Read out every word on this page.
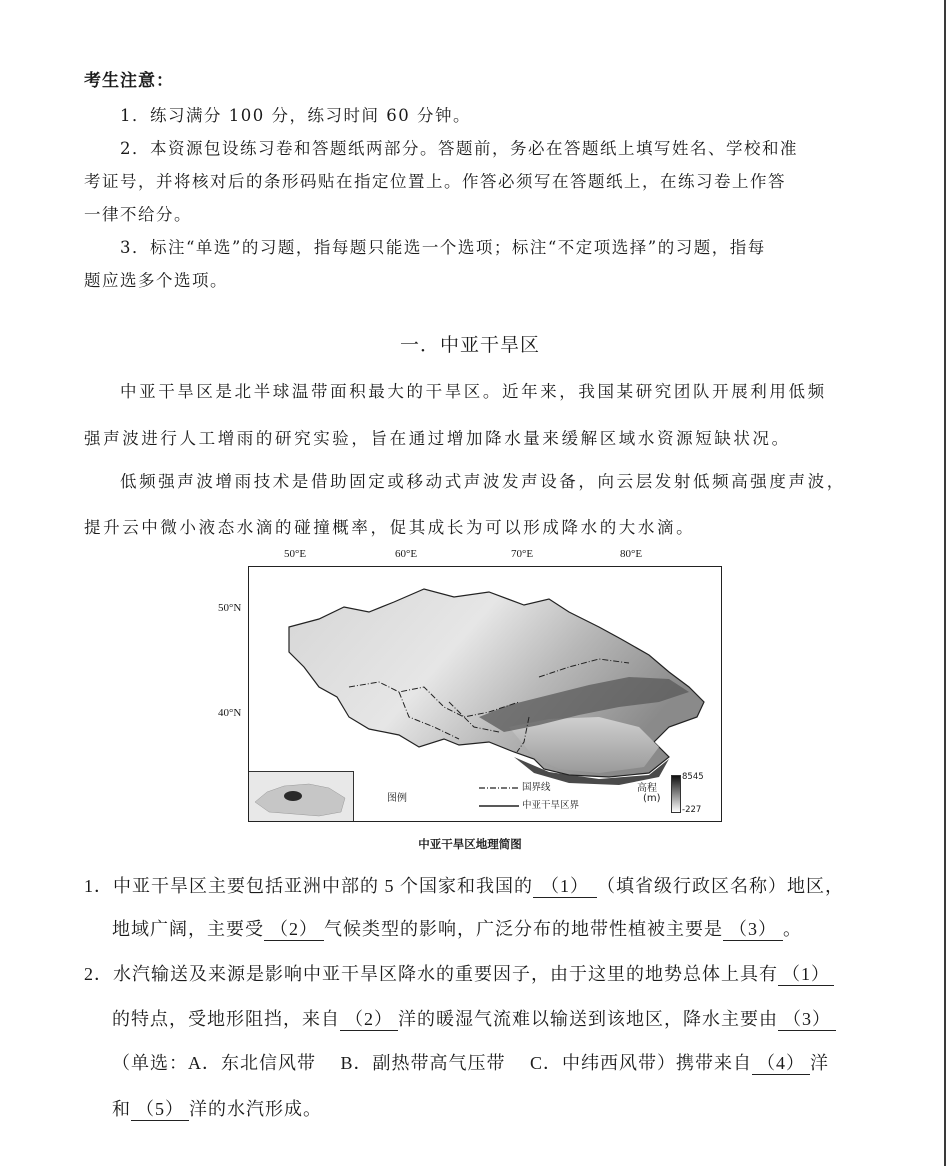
考生注意：
1．练习满分 100 分，练习时间 60 分钟。
2．本资源包设练习卷和答题纸两部分。答题前，务必在答题纸上填写姓名、学校和准
考证号，并将核对后的条形码贴在指定位置上。作答必须写在答题纸上，在练习卷上作答
一律不给分。
3．标注“单选”的习题，指每题只能选一个选项；标注“不定项选择”的习题，指每
题应选多个选项。
一．中亚干旱区
中亚干旱区是北半球温带面积最大的干旱区。近年来，我国某研究团队开展利用低频
强声波进行人工增雨的研究实验，旨在通过增加降水量来缓解区域水资源短缺状况。
低频强声波增雨技术是借助固定或移动式声波发声设备，向云层发射低频高强度声波，
提升云中微小液态水滴的碰撞概率，促其成长为可以形成降水的大水滴。
50°E	60°E	70°E	80°E
50°N
40°N
图例
国界线
中亚干旱区界
高程
(m)
8545
-227
中亚干旱区地理简图
1．中亚干旱区主要包括亚洲中部的 5 个国家和我国的 （1） （填省级行政区名称）地区，
地域广阔，主要受 （2） 气候类型的影响，广泛分布的地带性植被主要是 （3） 。
2．水汽输送及来源是影响中亚干旱区降水的重要因子，由于这里的地势总体上具有 （1）
的特点，受地形阻挡，来自 （2） 洋的暖湿气流难以输送到该地区，降水主要由 （3）
（单选：A．东北信风带　 B．副热带高气压带　 C．中纬西风带）携带来自 （4） 洋
和 （5） 洋的水汽形成。
